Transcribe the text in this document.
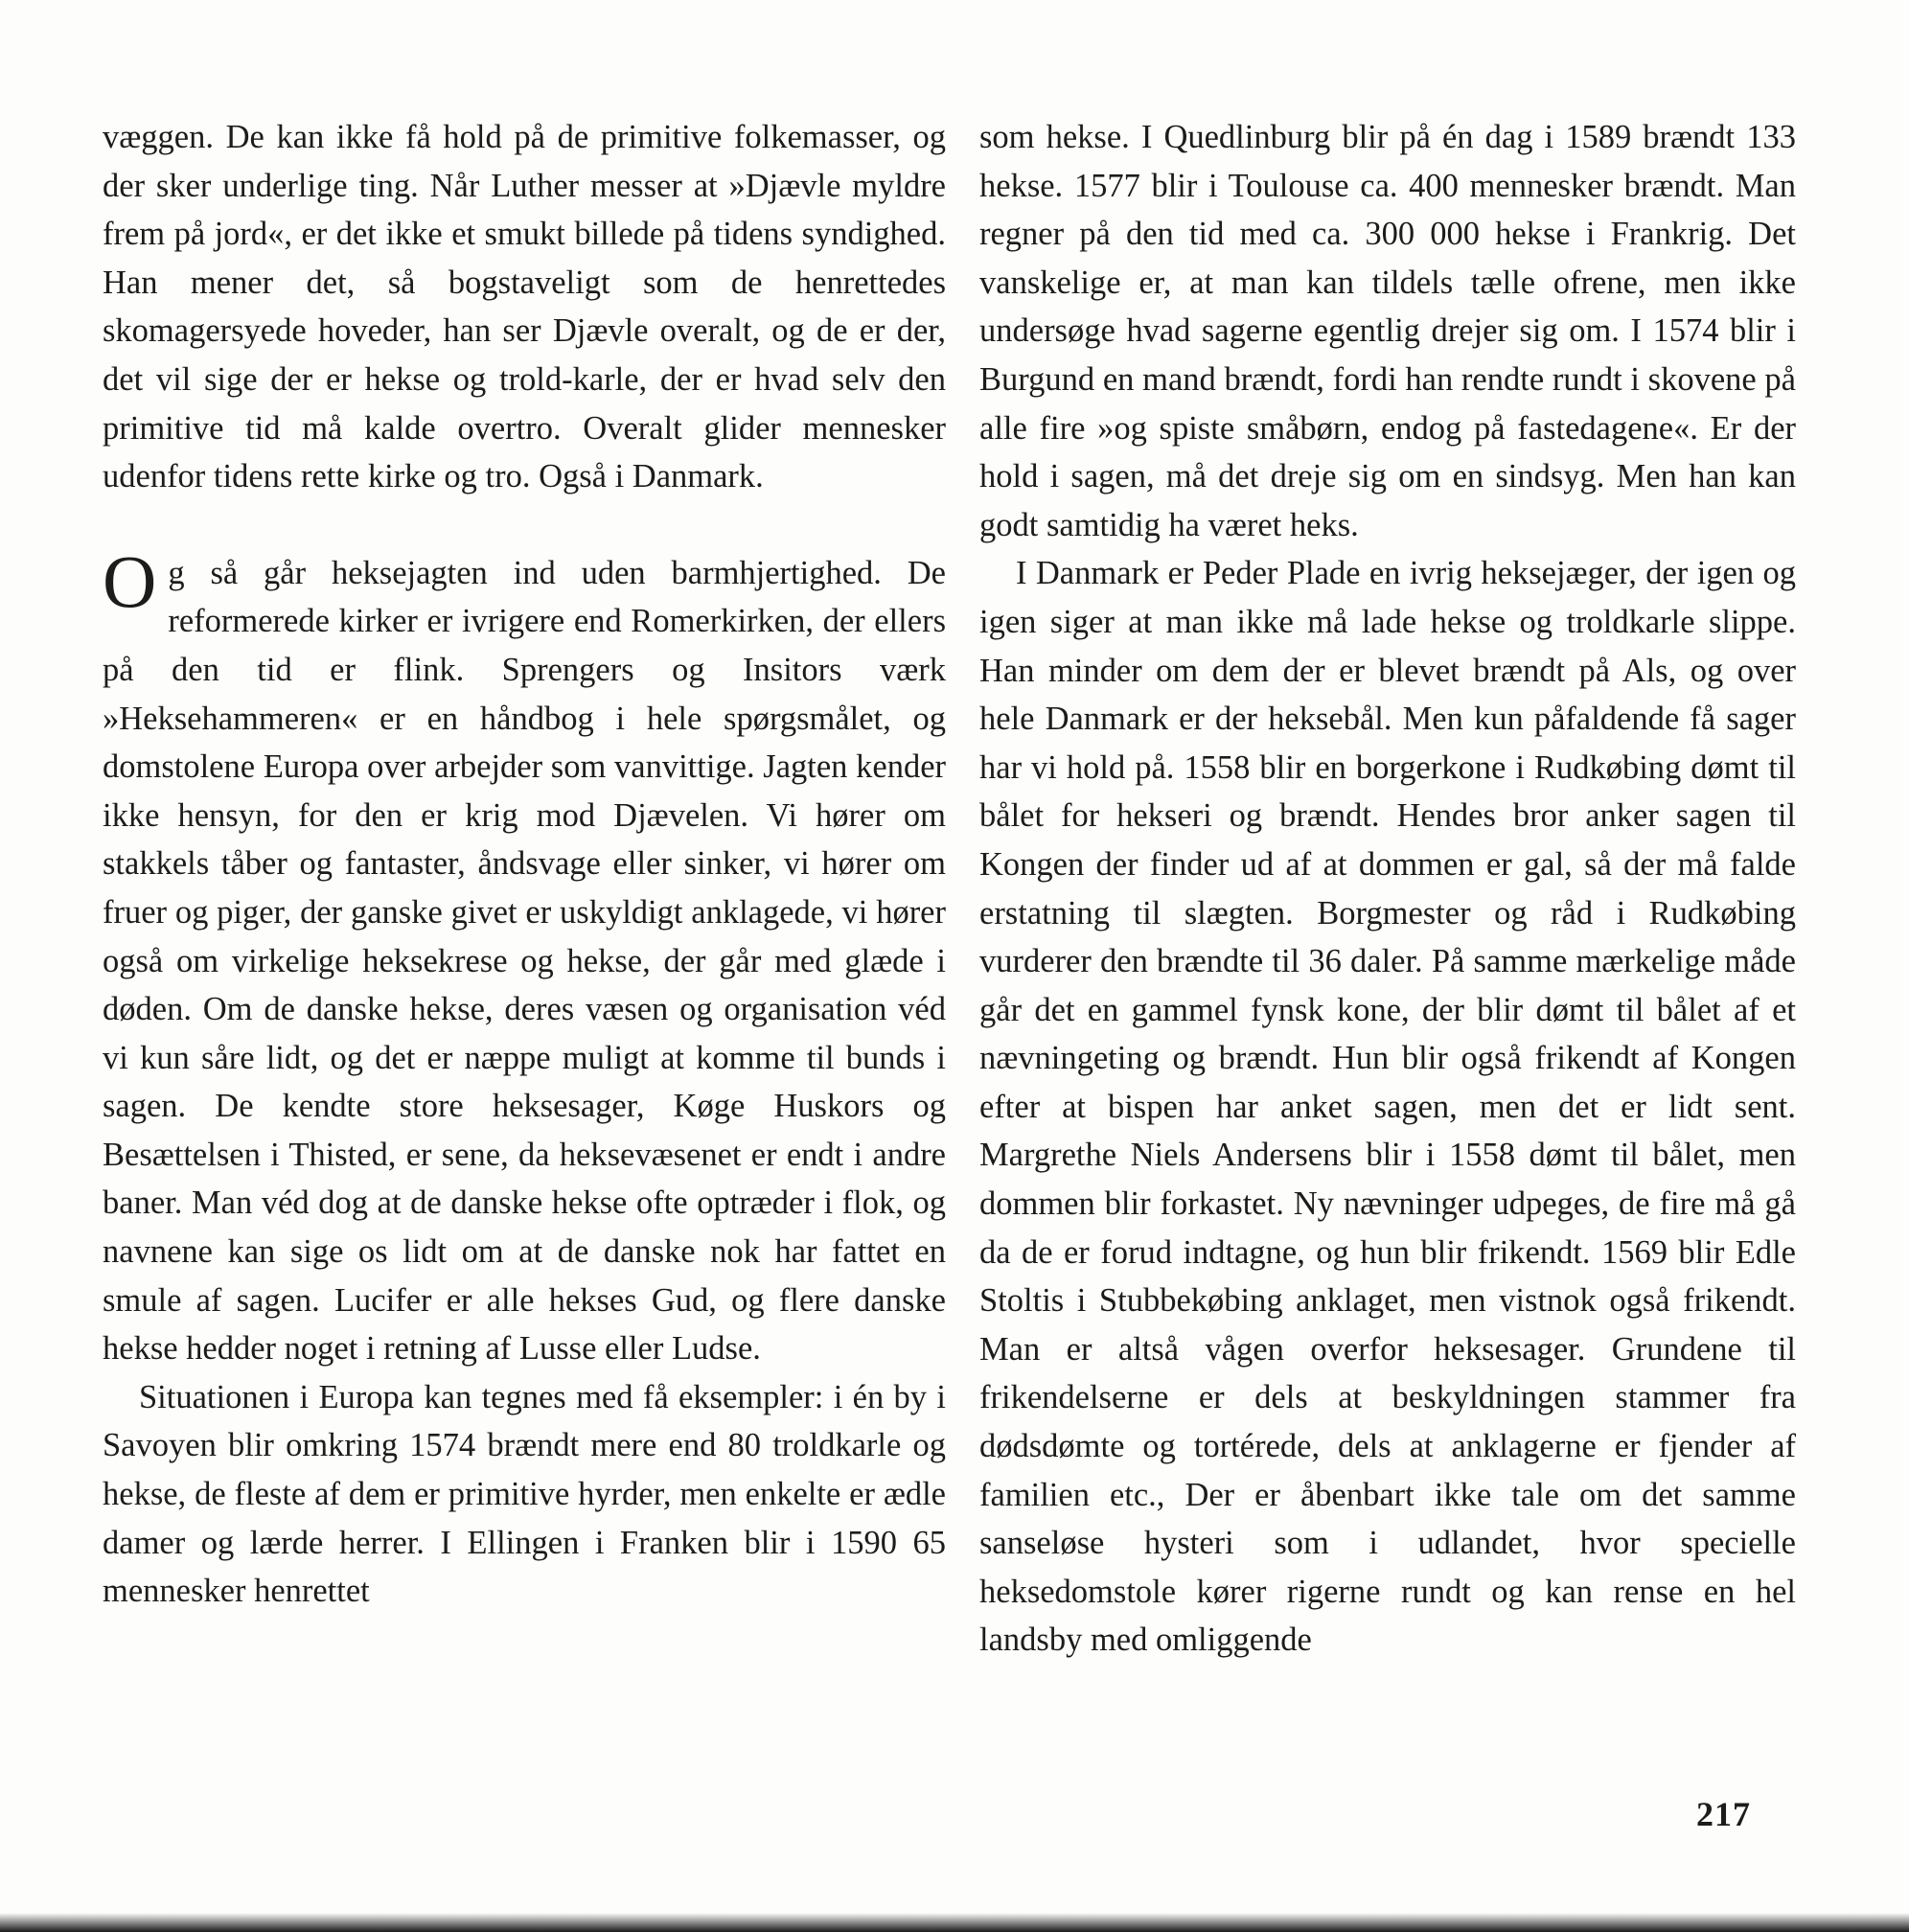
væggen. De kan ikke få hold på de primitive folkemasser, og der sker underlige ting. Når Luther messer at »Djævle myldre frem på jord«, er det ikke et smukt billede på tidens syndighed. Han mener det, så bogstaveligt som de henrettedes skomagersyede hoveder, han ser Djævle overalt, og de er der, det vil sige der er hekse og trold-karle, der er hvad selv den primitive tid må kalde overtro. Overalt glider mennesker udenfor tidens rette kirke og tro. Også i Danmark.

Og så går heksejagten ind uden barmhjertighed. De reformerede kirker er ivrigere end Romerkirken, der ellers på den tid er flink. Sprengers og Insitors værk »Heksehammeren« er en håndbog i hele spørgsmålet, og domstolene Europa over arbejder som vanvittige. Jagten kender ikke hensyn, for den er krig mod Djævelen. Vi hører om stakkels tåber og fantaster, åndsvage eller sinker, vi hører om fruer og piger, der ganske givet er uskyldigt anklagede, vi hører også om virkelige heksekrese og hekse, der går med glæde i døden. Om de danske hekse, deres væsen og organisation véd vi kun såre lidt, og det er næppe muligt at komme til bunds i sagen. De kendte store heksesager, Køge Huskors og Besættelsen i Thisted, er sene, da heksevæsenet er endt i andre baner. Man véd dog at de danske hekse ofte optræder i flok, og navnene kan sige os lidt om at de danske nok har fattet en smule af sagen. Lucifer er alle hekses Gud, og flere danske hekse hedder noget i retning af Lusse eller Ludse.

Situationen i Europa kan tegnes med få eksempler: i én by i Savoyen blir omkring 1574 brændt mere end 80 troldkarle og hekse, de fleste af dem er primitive hyrder, men enkelte er ædle damer og lærde herrer. I Ellingen i Franken blir i 1590 65 mennesker henrettet

som hekse. I Quedlinburg blir på én dag i 1589 brændt 133 hekse. 1577 blir i Toulouse ca. 400 mennesker brændt. Man regner på den tid med ca. 300 000 hekse i Frankrig. Det vanskelige er, at man kan tildels tælle ofrene, men ikke undersøge hvad sagerne egentlig drejer sig om. I 1574 blir i Burgund en mand brændt, fordi han rendte rundt i skovene på alle fire »og spiste småbørn, endog på fastedagene«. Er der hold i sagen, må det dreje sig om en sindsyg. Men han kan godt samtidig ha været heks.

I Danmark er Peder Plade en ivrig heksejæger, der igen og igen siger at man ikke må lade hekse og troldkarle slippe. Han minder om dem der er blevet brændt på Als, og over hele Danmark er der heksebål. Men kun påfaldende få sager har vi hold på. 1558 blir en borgerkone i Rudkøbing dømt til bålet for hekseri og brændt. Hendes bror anker sagen til Kongen der finder ud af at dommen er gal, så der må falde erstatning til slægten. Borgmester og råd i Rudkøbing vurderer den brændte til 36 daler. På samme mærkelige måde går det en gammel fynsk kone, der blir dømt til bålet af et nævningeting og brændt. Hun blir også frikendt af Kongen efter at bispen har anket sagen, men det er lidt sent. Margrethe Niels Andersens blir i 1558 dømt til bålet, men dommen blir forkastet. Ny nævninger udpeges, de fire må gå da de er forud indtagne, og hun blir frikendt. 1569 blir Edle Stoltis i Stubbekøbing anklaget, men vistnok også frikendt. Man er altså vågen overfor heksesager. Grundene til frikendelserne er dels at beskyldningen stammer fra dødsdømte og tortérede, dels at anklagerne er fjender af familien etc., Der er åbenbart ikke tale om det samme sanseløse hysteri som i udlandet, hvor specielle heksedomstole kører rigerne rundt og kan rense en hel landsby med omliggende

217
